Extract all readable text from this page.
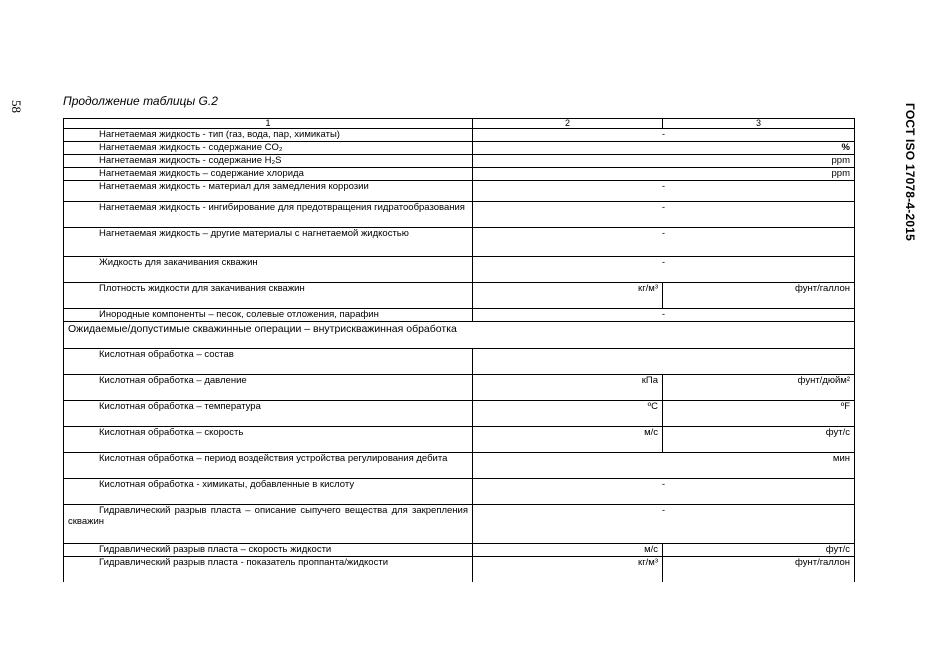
58	ГОСТ ISO 17078-4-2015
Продолжение таблицы G.2
1	2	3
Нагнетаемая жидкость - тип (газ, вода, пар, химикаты)	-	
Нагнетаемая жидкость - содержание CO₂		%
Нагнетаемая жидкость - содержание H₂S		ppm
Нагнетаемая жидкость – содержание хлорида		ppm
Нагнетаемая жидкость - материал для замедления коррозии	-	
Нагнетаемая жидкость - ингибирование для предотвращения гидратообразования	-	
Нагнетаемая жидкость – другие материалы с нагнетаемой жидкостью	-	
Жидкость для закачивания скважин	-	
Плотность жидкости для закачивания скважин	кг/м³	фунт/галлон
Инородные компоненты – песок, солевые отложения, парафин	-	
Ожидаемые/допустимые скважинные операции – внутрискважинная обработка		
Кислотная обработка – состав		
Кислотная обработка – давление	кПа	фунт/дюйм²
Кислотная обработка – температура	ºC	ºF
Кислотная обработка – скорость	м/с	фут/с
Кислотная обработка – период воздействия устройства регулирования дебита	мин	
Кислотная обработка - химикаты, добавленные в кислоту	-	
Гидравлический разрыв пласта – описание сыпучего вещества для закрепления скважин	-	
Гидравлический разрыв пласта – скорость жидкости	м/с	фут/с
Гидравлический разрыв пласта - показатель проппанта/жидкости	кг/м³	фунт/галлон
